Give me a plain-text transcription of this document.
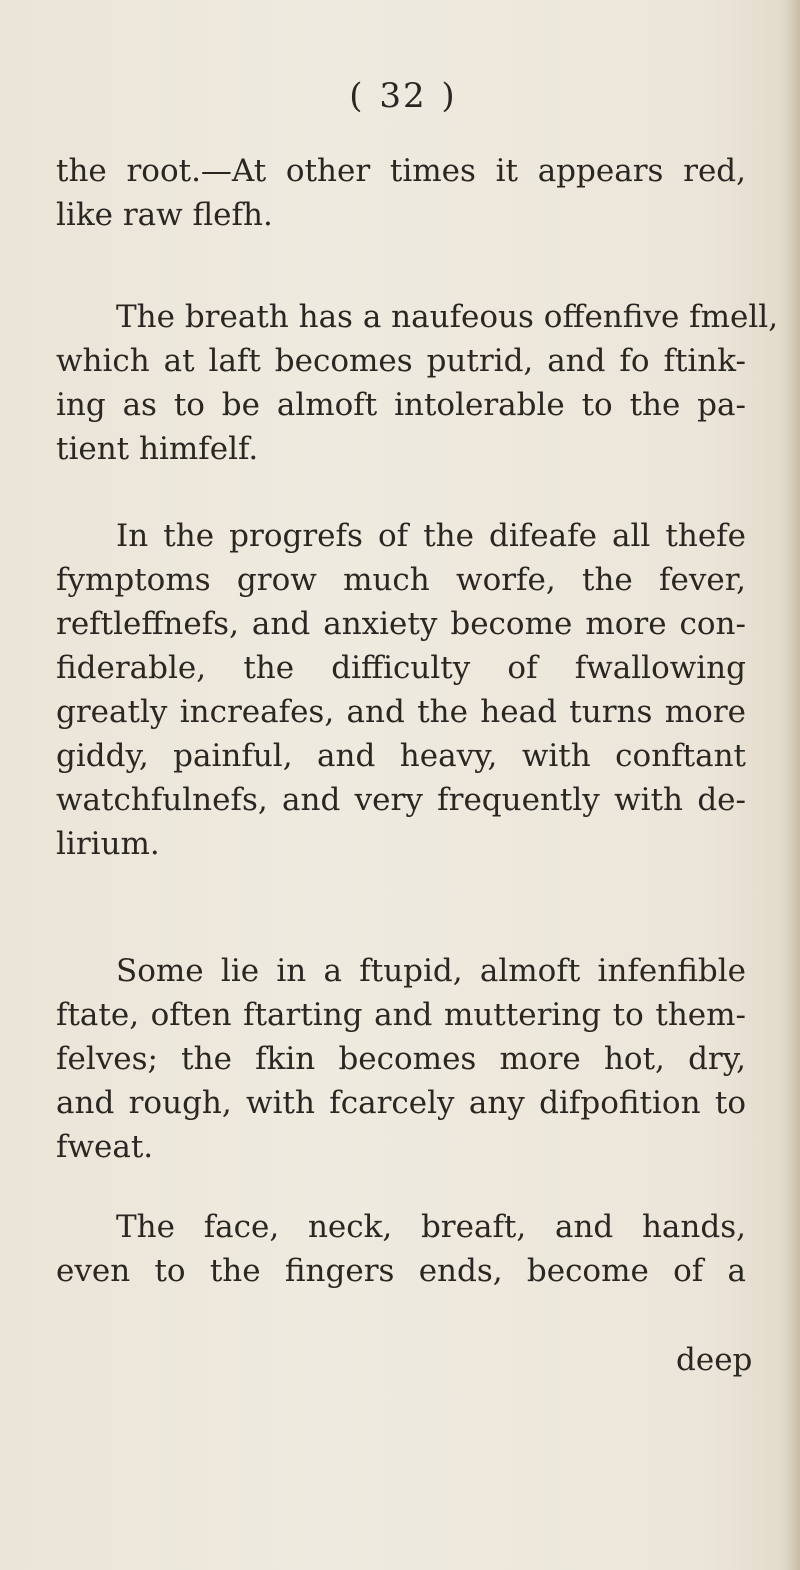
( 32 )
the root.—At other times it appears red,
like raw flefh.
The breath has a naufeous offenfive fmell,
which at laft becomes putrid, and fo ftink-
ing as to be almoft intolerable to the pa-
tient himfelf.
In the progrefs of the difeafe all thefe
fymptoms grow much worfe, the fever,
reftleffnefs, and anxiety become more con-
fiderable, the difficulty of fwallowing
greatly increafes, and the head turns more
giddy, painful, and heavy, with conftant
watchfulnefs, and very frequently with de-
lirium.
Some lie in a ftupid, almoft infenfible
ftate, often ftarting and muttering to them-
felves; the fkin becomes more hot, dry,
and rough, with fcarcely any difpofition to
fweat.
The face, neck, breaft, and hands,
even to the fingers ends, become of a
deep
